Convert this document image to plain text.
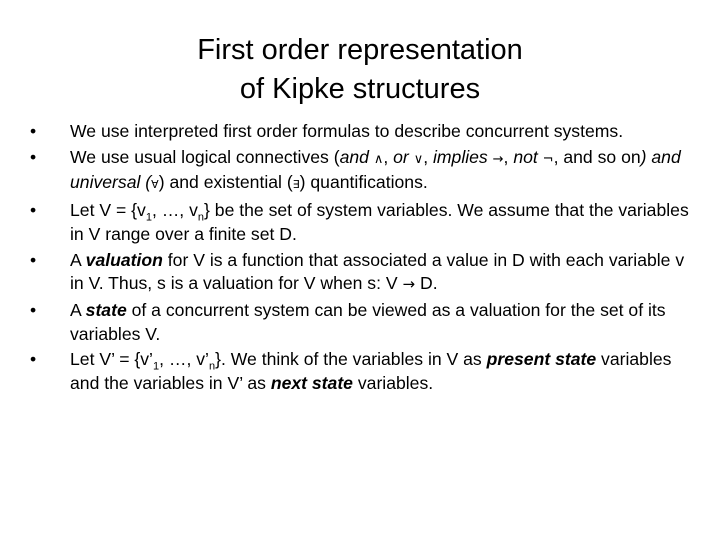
First order representation
of Kipke structures
• We use interpreted first order formulas to describe concurrent systems.
• We use usual logical connectives (and ∧, or ∨, implies →, not ¬, and so on) and universal (∀) and existential (∃) quantifications.
• Let $V = \{v_1$, …, $v_n$} be the set of system variables. We assume that the variables in V range over a finite set D.
• A valuation for V is a function that associated a value in D with each variable v in V. Thus, s is a valuation for V when s: V → D.
• A state of a concurrent system can be viewed as a valuation for the set of its variables V.
• Let V’ = {$v’_1$, …, $v’_n$}. We think of the variables in V as present state variables and the variables in V’ as next state variables.
